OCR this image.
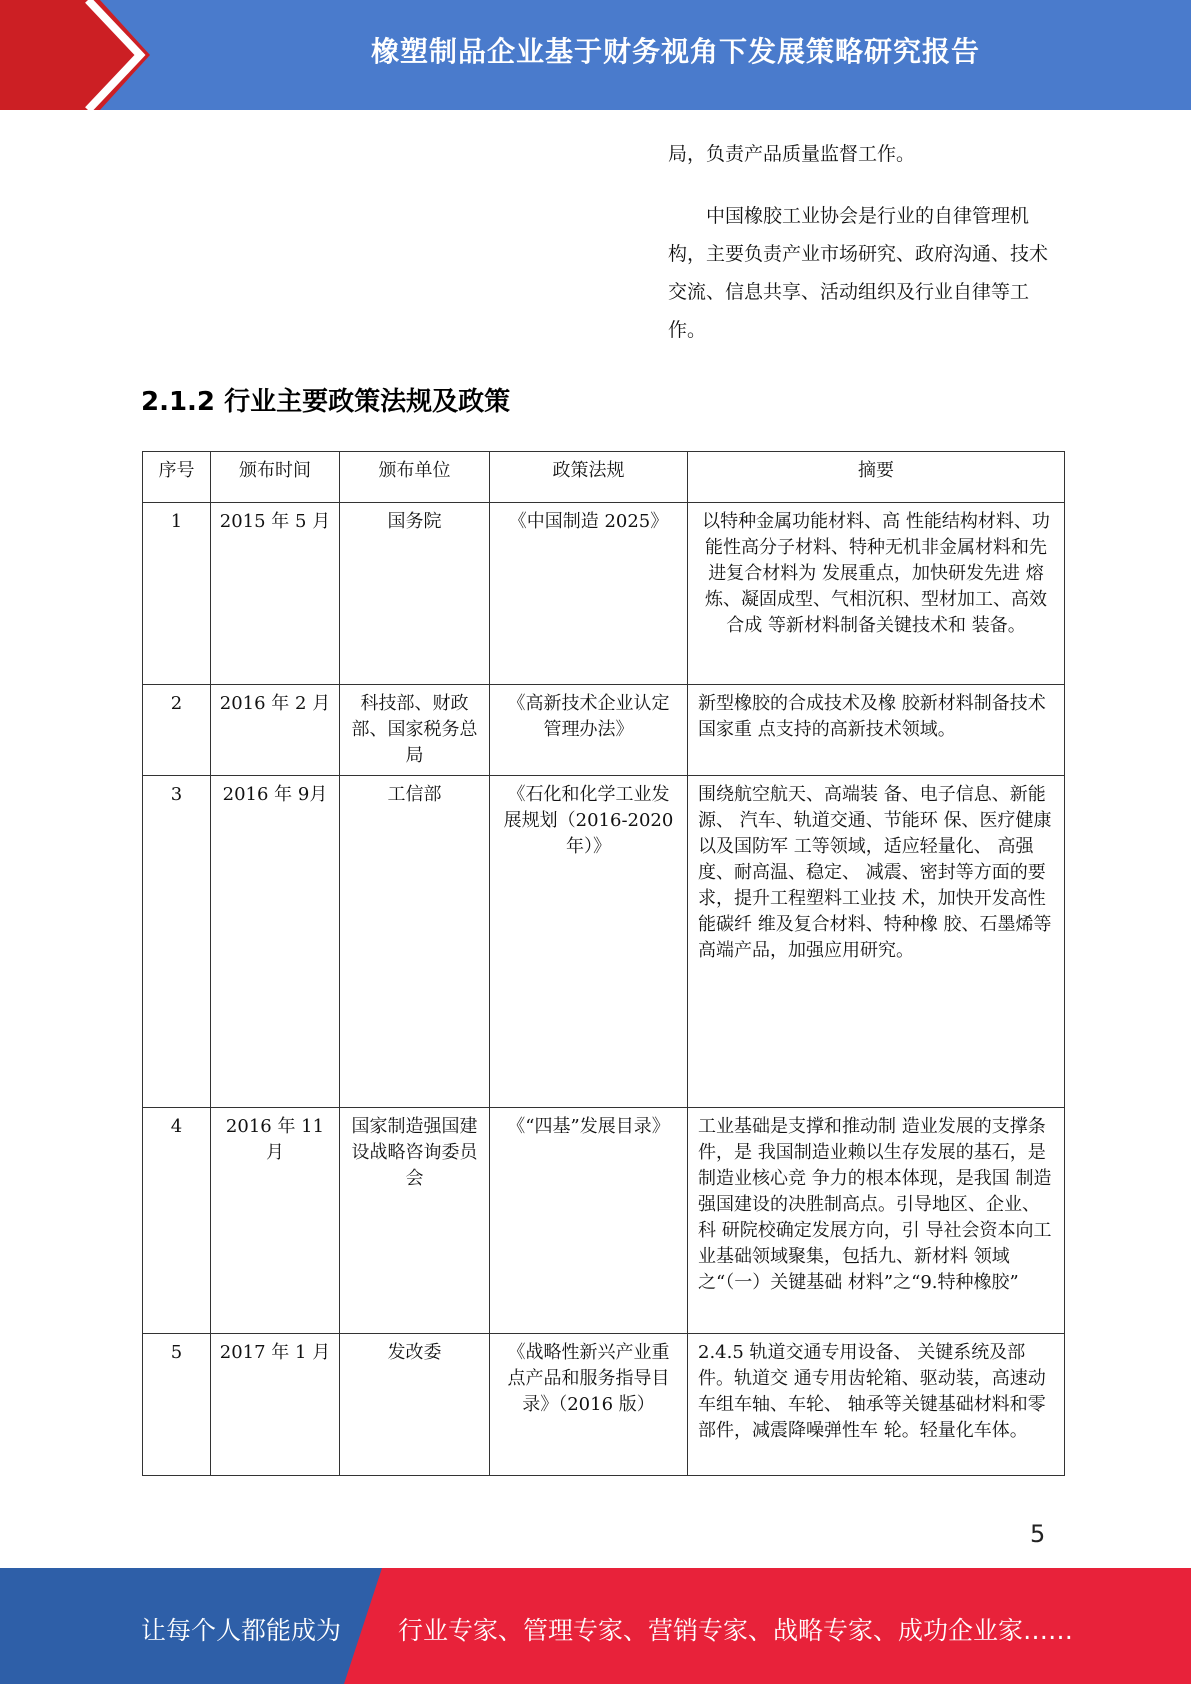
橡塑制品企业基于财务视角下发展策略研究报告

局，负责产品质量监督工作。

中国橡胶工业协会是行业的自律管理机构，主要负责产业市场研究、政府沟通、技术交流、信息共享、活动组织及行业自律等工作。

2.1.2 行业主要政策法规及政策
序号	颁布时间	颁布单位	政策法规	摘要
1	2015 年 5 月	国务院	《中国制造 2025》	以特种金属功能材料、高 性能结构材料、功能性高分子材料、特种无机非金属材料和先进复合材料为 发展重点，加快研发先进 熔炼、凝固成型、气相沉积、型材加工、高效合成 等新材料制备关键技术和 装备。
2	2016 年 2 月	科技部、财政部、国家税务总 局	《高新技术企业认定 管理办法》	新型橡胶的合成技术及橡 胶新材料制备技术国家重 点支持的高新技术领域。
3	2016 年 9月	工信部	《石化和化学工业发 展规划（2016-2020 年）》	围绕航空航天、高端装 备、电子信息、新能源、 汽车、轨道交通、节能环 保、医疗健康以及国防军 工等领域，适应轻量化、 高强度、耐高温、稳定、 减震、密封等方面的要 求，提升工程塑料工业技 术，加快开发高性能碳纤 维及复合材料、特种橡 胶、石墨烯等高端产品，加强应用研究。
4	2016 年 11 月	国家制造强国建 设战略咨询委员 会	《“四基”发展目录》	工业基础是支撑和推动制 造业发展的支撑条件，是 我国制造业赖以生存发展的基石，是制造业核心竞 争力的根本体现，是我国 制造强国建设的决胜制高点。引导地区、企业、科 研院校确定发展方向，引 导社会资本向工业基础领域聚集，包括九、新材料 领域之“（一）关键基础 材料”之“9.特种橡胶”
5	2017 年 1 月	发改委	《战略性新兴产业重 点产品和服务指导目 录》（2016 版）	2.4.5 轨道交通专用设备、 关键系统及部件。轨道交 通专用齿轮箱、驱动装，高速动车组车轴、车轮、 轴承等关键基础材料和零 部件，减震降噪弹性车 轮。轻量化车体。
5
让每个人都能成为 行业专家、管理专家、营销专家、战略专家、成功企业家……
